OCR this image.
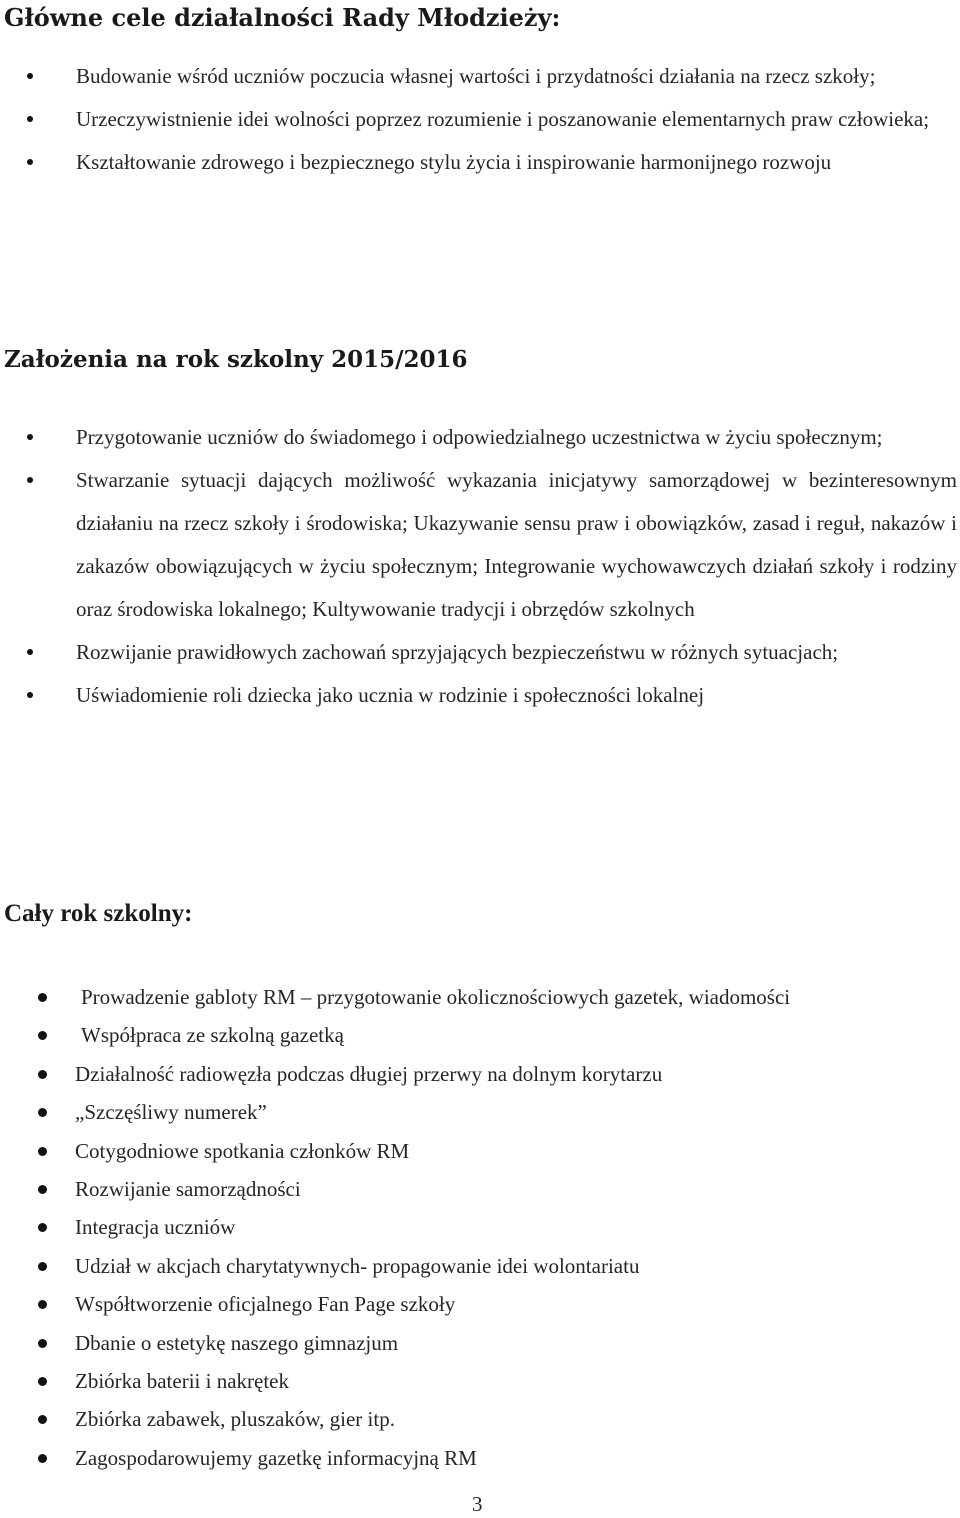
Główne cele działalności Rady Młodzieży:
Budowanie wśród uczniów poczucia własnej wartości i przydatności działania na rzecz szkoły;
Urzeczywistnienie idei wolności poprzez rozumienie i poszanowanie elementarnych praw człowieka;
Kształtowanie zdrowego i bezpiecznego stylu życia i inspirowanie harmonijnego rozwoju
Założenia na rok szkolny 2015/2016
Przygotowanie uczniów do świadomego i odpowiedzialnego uczestnictwa w życiu społecznym;
Stwarzanie sytuacji dających możliwość wykazania inicjatywy samorządowej w bezinteresownym działaniu na rzecz szkoły i środowiska; Ukazywanie sensu praw i obowiązków, zasad i reguł, nakazów i zakazów obowiązujących w życiu społecznym; Integrowanie wychowawczych działań szkoły i rodziny oraz środowiska lokalnego; Kultywowanie tradycji i obrzędów szkolnych
Rozwijanie prawidłowych zachowań sprzyjających bezpieczeństwu w różnych sytuacjach;
Uświadomienie roli dziecka jako ucznia w rodzinie i społeczności lokalnej
Cały rok szkolny:
Prowadzenie gabloty RM – przygotowanie okolicznościowych gazetek, wiadomości
Współpraca ze szkolną gazetką
Działalność radiowęzła podczas długiej przerwy na dolnym korytarzu
„Szczęśliwy numerek”
Cotygodniowe spotkania członków RM
Rozwijanie samorządności
Integracja uczniów
Udział w akcjach charytatywnych- propagowanie idei wolontariatu
Współtworzenie oficjalnego Fan Page szkoły
Dbanie o estetykę naszego gimnazjum
Zbiórka baterii i nakrętek
Zbiórka zabawek, pluszaków, gier itp.
Zagospodarowujemy gazetkę informacyjną RM
3
